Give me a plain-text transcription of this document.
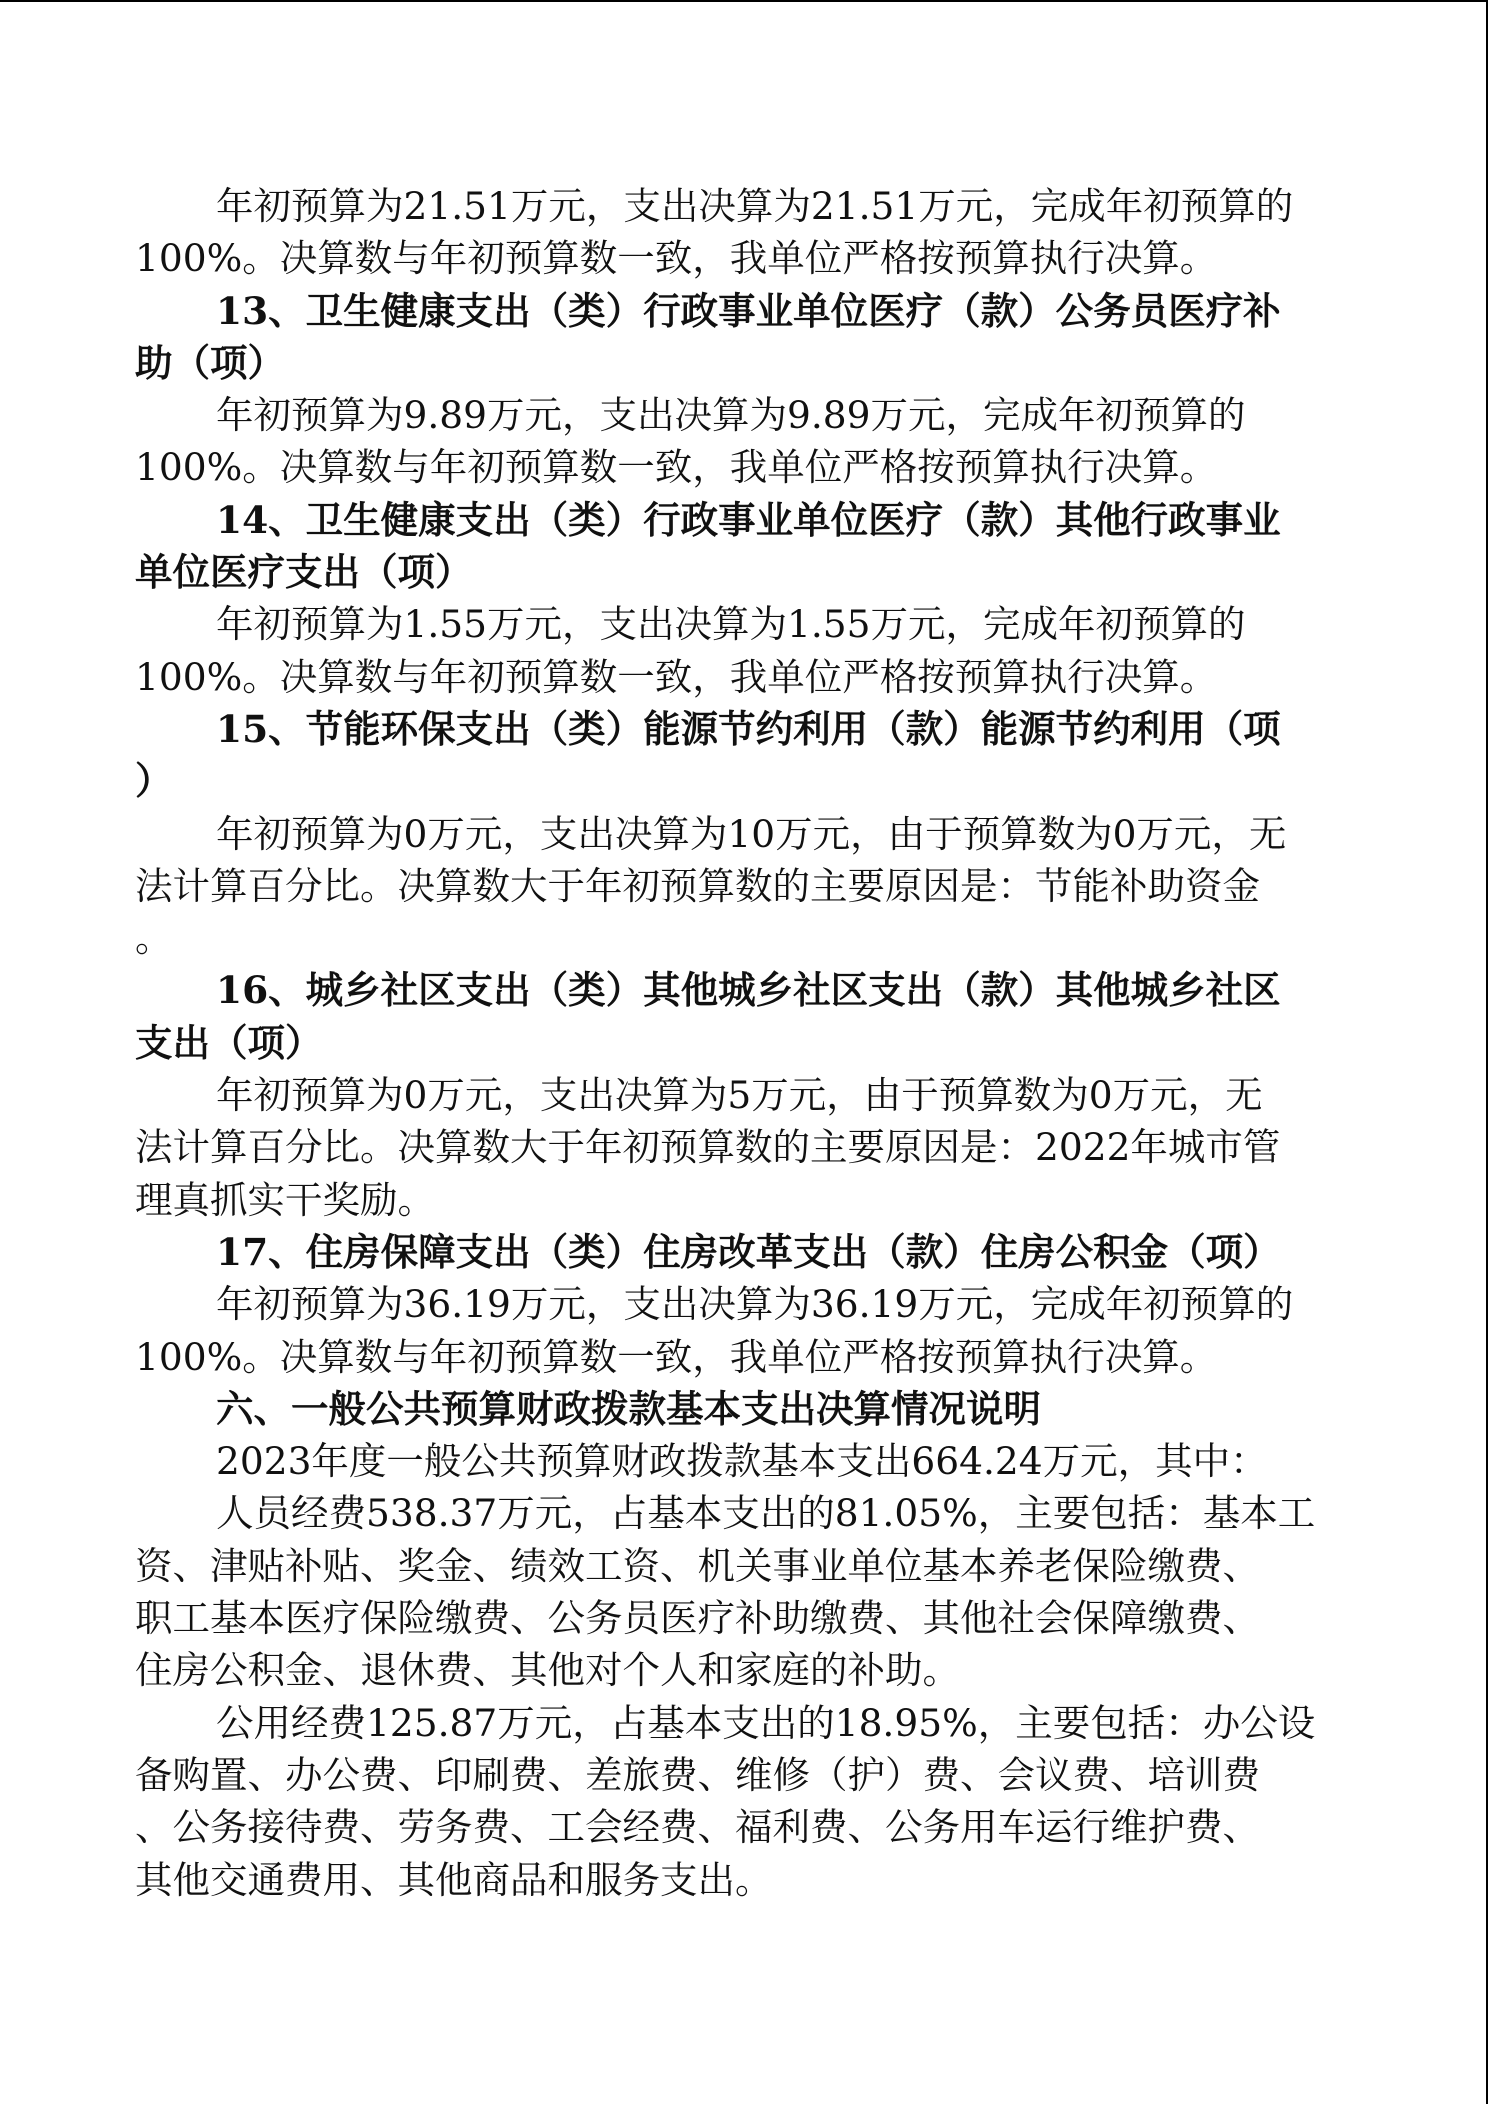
年初预算为21.51万元，支出决算为21.51万元，完成年初预算的

100%。决算数与年初预算数一致，我单位严格按预算执行决算。

13、卫生健康支出（类）行政事业单位医疗（款）公务员医疗补

助（项）

年初预算为9.89万元，支出决算为9.89万元，完成年初预算的

100%。决算数与年初预算数一致，我单位严格按预算执行决算。

14、卫生健康支出（类）行政事业单位医疗（款）其他行政事业

单位医疗支出（项）

年初预算为1.55万元，支出决算为1.55万元，完成年初预算的

100%。决算数与年初预算数一致，我单位严格按预算执行决算。

15、节能环保支出（类）能源节约利用（款）能源节约利用（项

）

年初预算为0万元，支出决算为10万元，由于预算数为0万元，无

法计算百分比。决算数大于年初预算数的主要原因是：节能补助资金

。

16、城乡社区支出（类）其他城乡社区支出（款）其他城乡社区

支出（项）

年初预算为0万元，支出决算为5万元，由于预算数为0万元，无

法计算百分比。决算数大于年初预算数的主要原因是：2022年城市管

理真抓实干奖励。

17、住房保障支出（类）住房改革支出（款）住房公积金（项）

年初预算为36.19万元，支出决算为36.19万元，完成年初预算的

100%。决算数与年初预算数一致，我单位严格按预算执行决算。

六、一般公共预算财政拨款基本支出决算情况说明

2023年度一般公共预算财政拨款基本支出664.24万元，其中：

人员经费538.37万元，占基本支出的81.05%，主要包括：基本工

资、津贴补贴、奖金、绩效工资、机关事业单位基本养老保险缴费、

职工基本医疗保险缴费、公务员医疗补助缴费、其他社会保障缴费、

住房公积金、退休费、其他对个人和家庭的补助。

公用经费125.87万元，占基本支出的18.95%，主要包括：办公设

备购置、办公费、印刷费、差旅费、维修（护）费、会议费、培训费

、公务接待费、劳务费、工会经费、福利费、公务用车运行维护费、

其他交通费用、其他商品和服务支出。
